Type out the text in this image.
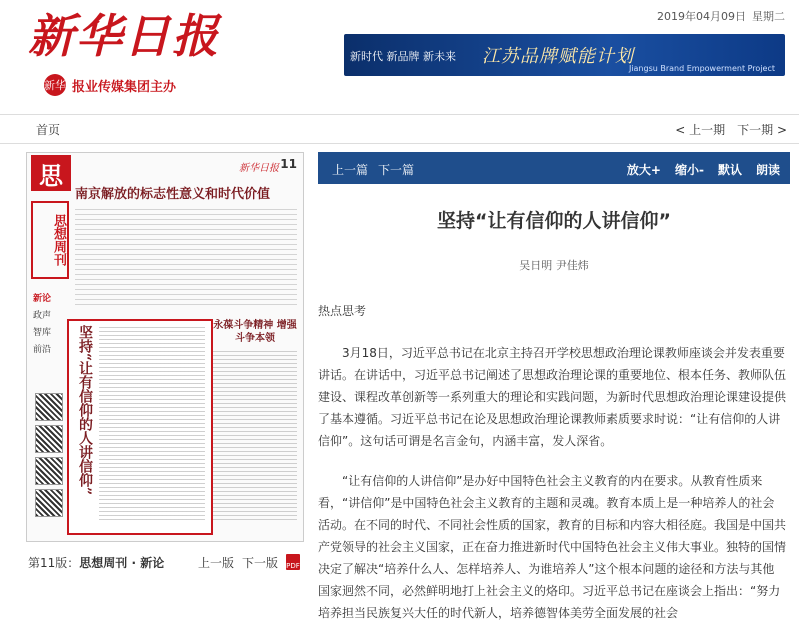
新华日报
新华 报业传媒集团主办
2019年04月09日 星期二
新时代 新品牌 新未来 江苏品牌赋能计划
Jiangsu Brand Empowerment Project
首页	< 上一期 下一期 >
思	新华日报 11
南京解放的标志性意义和时代价值
思想周刊
新论
政声
智库
前沿	坚持“让有信仰的人讲信仰”	永葆斗争精神 增强斗争本领
第11版：思想周刊 · 新论	上一版 下一版 PDF
上一篇 下一篇	放大+ 缩小- 默认 朗读
坚持“让有信仰的人讲信仰”
吴日明 尹佳炜
热点思考

3月18日，习近平总书记在北京主持召开学校思想政治理论课教师座谈会并发表重要讲话。在讲话中，习近平总书记阐述了思想政治理论课的重要地位、根本任务、教师队伍建设、课程改革创新等一系列重大的理论和实践问题，为新时代思想政治理论课建设提供了基本遵循。习近平总书记在论及思想政治理论课教师素质要求时说：“让有信仰的人讲信仰”。这句话可谓是名言金句，内涵丰富，发人深省。

“让有信仰的人讲信仰”是办好中国特色社会主义教育的内在要求。从教育性质来看，“讲信仰”是中国特色社会主义教育的主题和灵魂。教育本质上是一种培养人的社会活动。在不同的时代、不同社会性质的国家，教育的目标和内容大相径庭。我国是中国共产党领导的社会主义国家，正在奋力推进新时代中国特色社会主义伟大事业。独特的国情决定了解决“培养什么人、怎样培养人、为谁培养人”这个根本问题的途径和方法与其他国家迥然不同，必然鲜明地打上社会主义的烙印。习近平总书记在座谈会上指出：“努力培养担当民族复兴大任的时代新人，培养德智体美劳全面发展的社会
